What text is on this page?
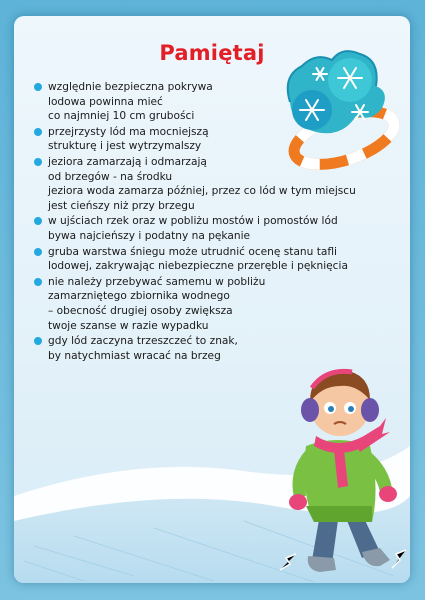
Pamiętaj
względnie bezpieczna pokrywa
lodowa powinna mieć
co najmniej 10 cm grubości
przejrzysty lód ma mocniejszą
strukturę i jest wytrzymalszy
jeziora zamarzają i odmarzają
od brzegów - na środku
jeziora woda zamarza później, przez co lód w tym miejscu
jest cieńszy niż przy brzegu
w ujściach rzek oraz w pobliżu mostów i pomostów lód
bywa najcieńszy i podatny na pękanie
gruba warstwa śniegu może utrudnić ocenę stanu tafli
lodowej, zakrywając niebezpieczne przeręble i pęknięcia
nie należy przebywać samemu w pobliżu
zamarzniętego zbiornika wodnego
– obecność drugiej osoby zwiększa
twoje szanse w razie wypadku
gdy lód zaczyna trzeszczeć to znak,
by natychmiast wracać na brzeg
